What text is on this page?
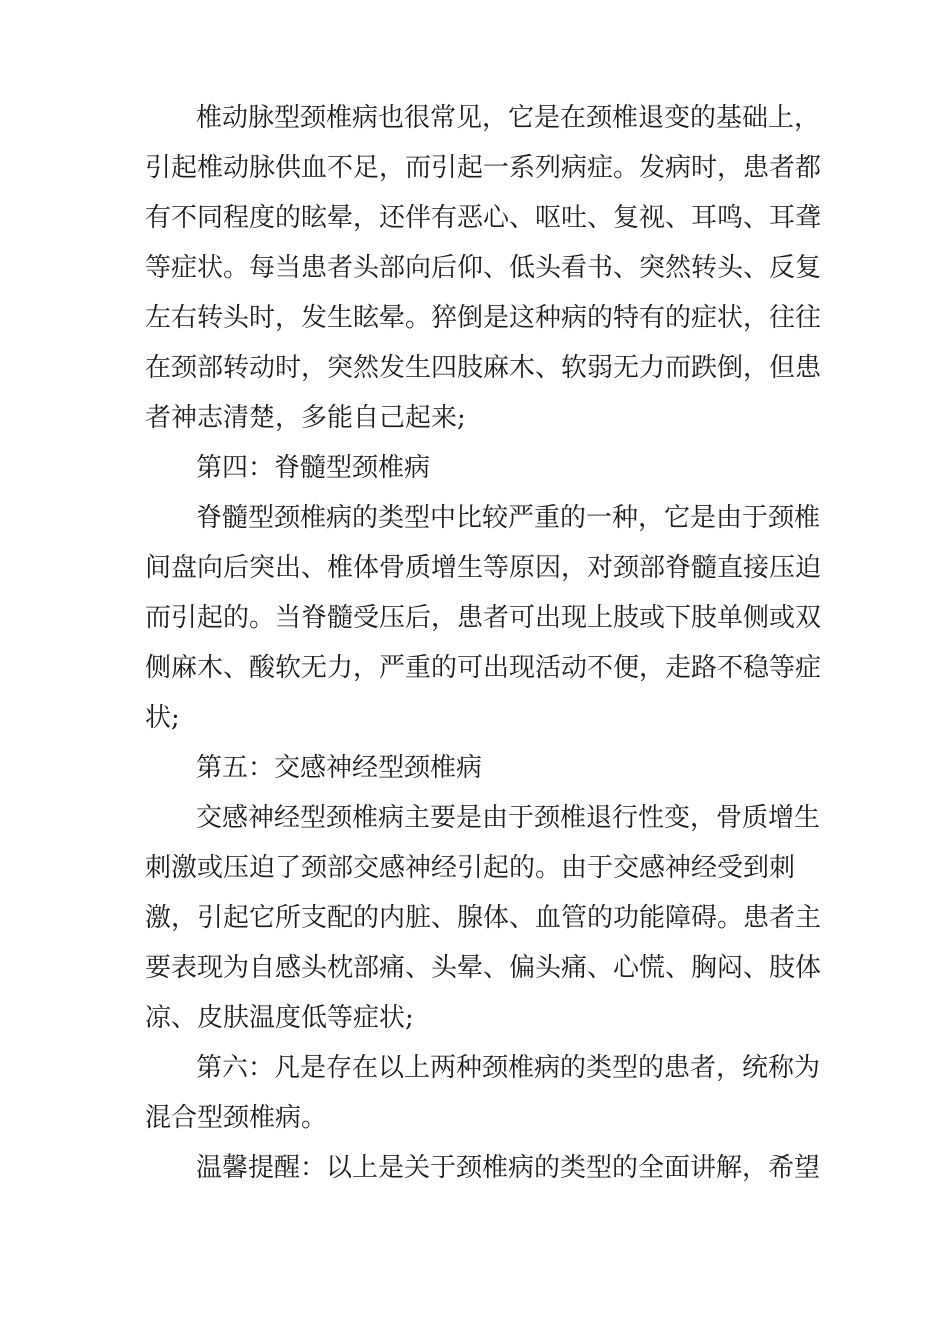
椎动脉型颈椎病也很常见，它是在颈椎退变的基础上，
引起椎动脉供血不足，而引起一系列病症。发病时，患者都
有不同程度的眩晕，还伴有恶心、呕吐、复视、耳鸣、耳聋
等症状。每当患者头部向后仰、低头看书、突然转头、反复
左右转头时，发生眩晕。猝倒是这种病的特有的症状，往往
在颈部转动时，突然发生四肢麻木、软弱无力而跌倒，但患
者神志清楚，多能自己起来;
第四：脊髓型颈椎病
脊髓型颈椎病的类型中比较严重的一种，它是由于颈椎
间盘向后突出、椎体骨质增生等原因，对颈部脊髓直接压迫
而引起的。当脊髓受压后，患者可出现上肢或下肢单侧或双
侧麻木、酸软无力，严重的可出现活动不便，走路不稳等症
状;
第五：交感神经型颈椎病
交感神经型颈椎病主要是由于颈椎退行性变，骨质增生
刺激或压迫了颈部交感神经引起的。由于交感神经受到刺
激，引起它所支配的内脏、腺体、血管的功能障碍。患者主
要表现为自感头枕部痛、头晕、偏头痛、心慌、胸闷、肢体
凉、皮肤温度低等症状;
第六：凡是存在以上两种颈椎病的类型的患者，统称为
混合型颈椎病。
温馨提醒：以上是关于颈椎病的类型的全面讲解，希望
